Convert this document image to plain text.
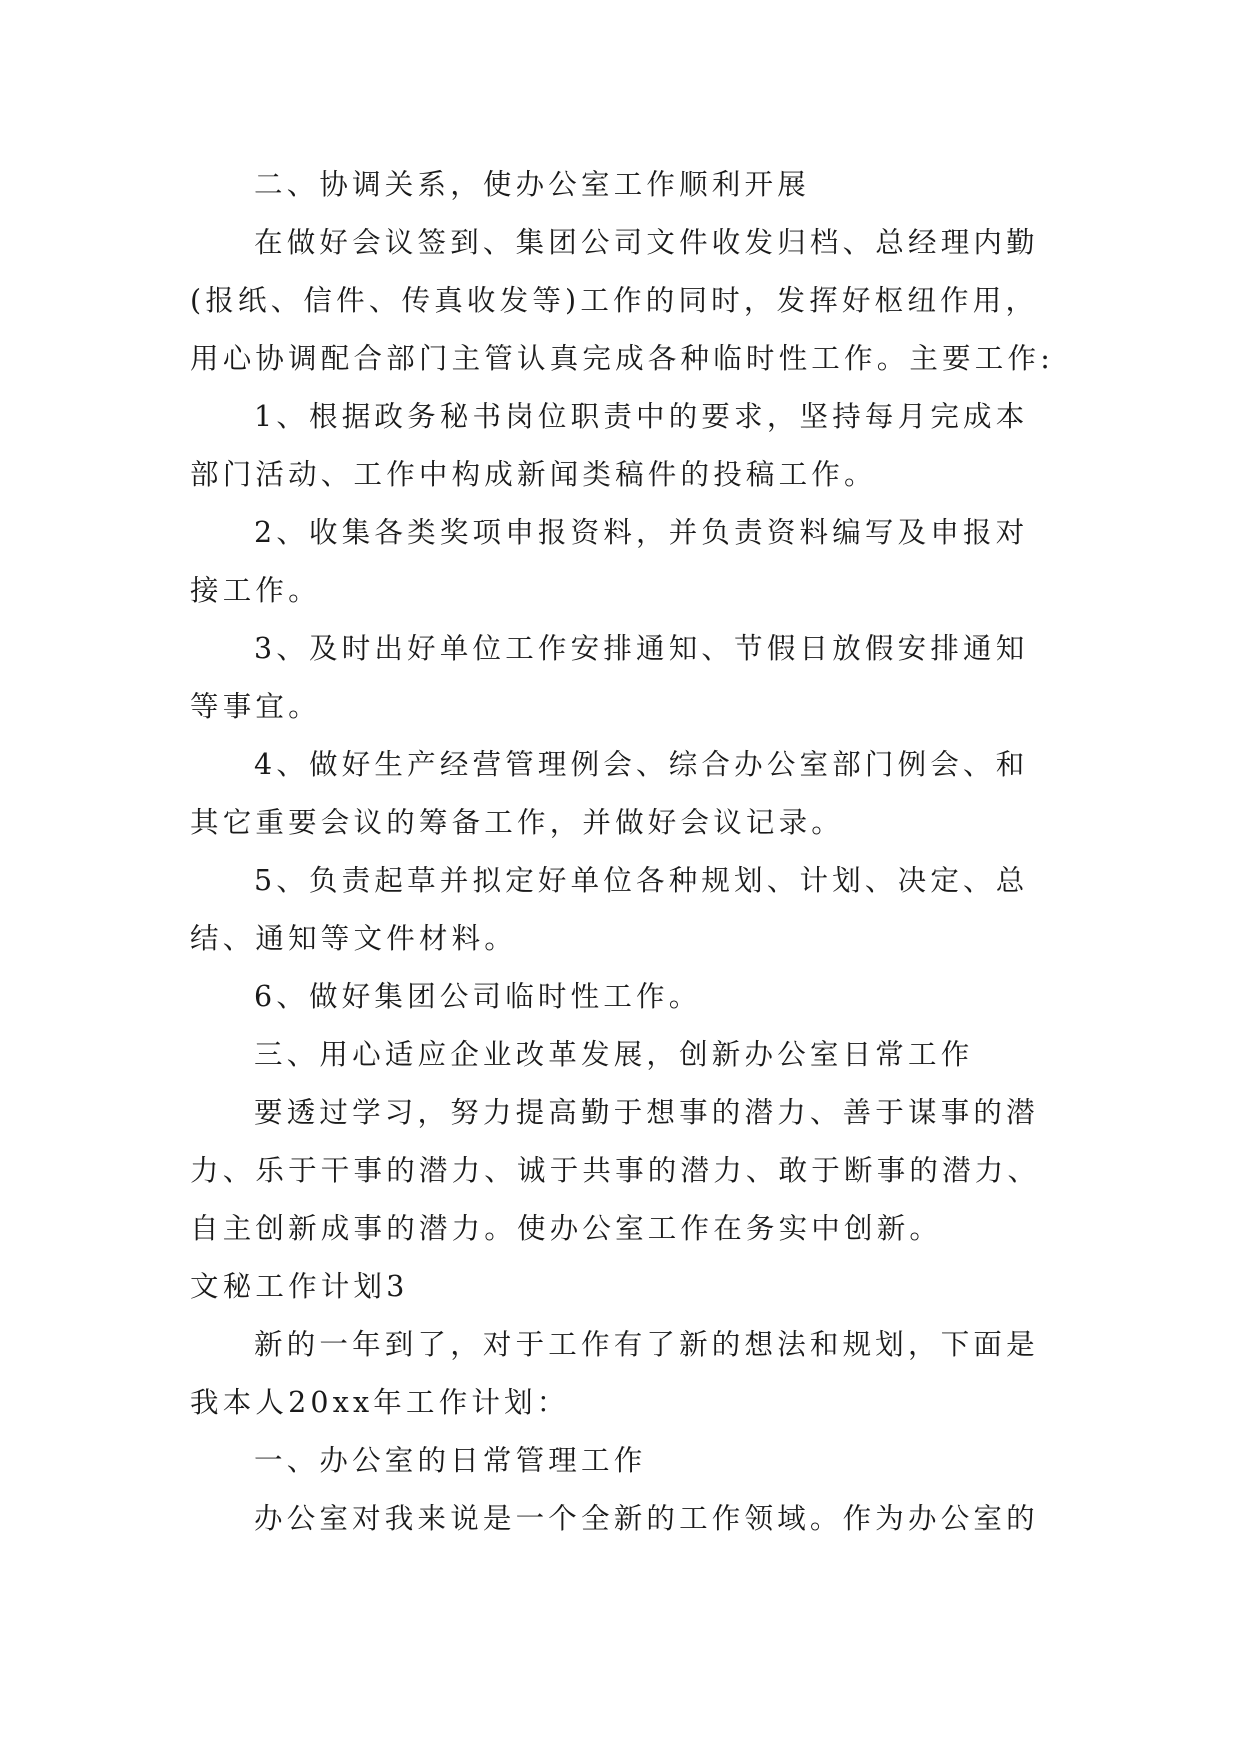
二、协调关系，使办公室工作顺利开展

在做好会议签到、集团公司文件收发归档、总经理内勤

(报纸、信件、传真收发等)工作的同时，发挥好枢纽作用，

用心协调配合部门主管认真完成各种临时性工作。主要工作:

1、根据政务秘书岗位职责中的要求，坚持每月完成本

部门活动、工作中构成新闻类稿件的投稿工作。

2、收集各类奖项申报资料，并负责资料编写及申报对

接工作。

3、及时出好单位工作安排通知、节假日放假安排通知

等事宜。

4、做好生产经营管理例会、综合办公室部门例会、和

其它重要会议的筹备工作，并做好会议记录。

5、负责起草并拟定好单位各种规划、计划、决定、总

结、通知等文件材料。

6、做好集团公司临时性工作。

三、用心适应企业改革发展，创新办公室日常工作

要透过学习，努力提高勤于想事的潜力、善于谋事的潜

力、乐于干事的潜力、诚于共事的潜力、敢于断事的潜力、

自主创新成事的潜力。使办公室工作在务实中创新。

文秘工作计划3

新的一年到了，对于工作有了新的想法和规划，下面是

我本人20xx年工作计划：

一、办公室的日常管理工作

办公室对我来说是一个全新的工作领域。作为办公室的
